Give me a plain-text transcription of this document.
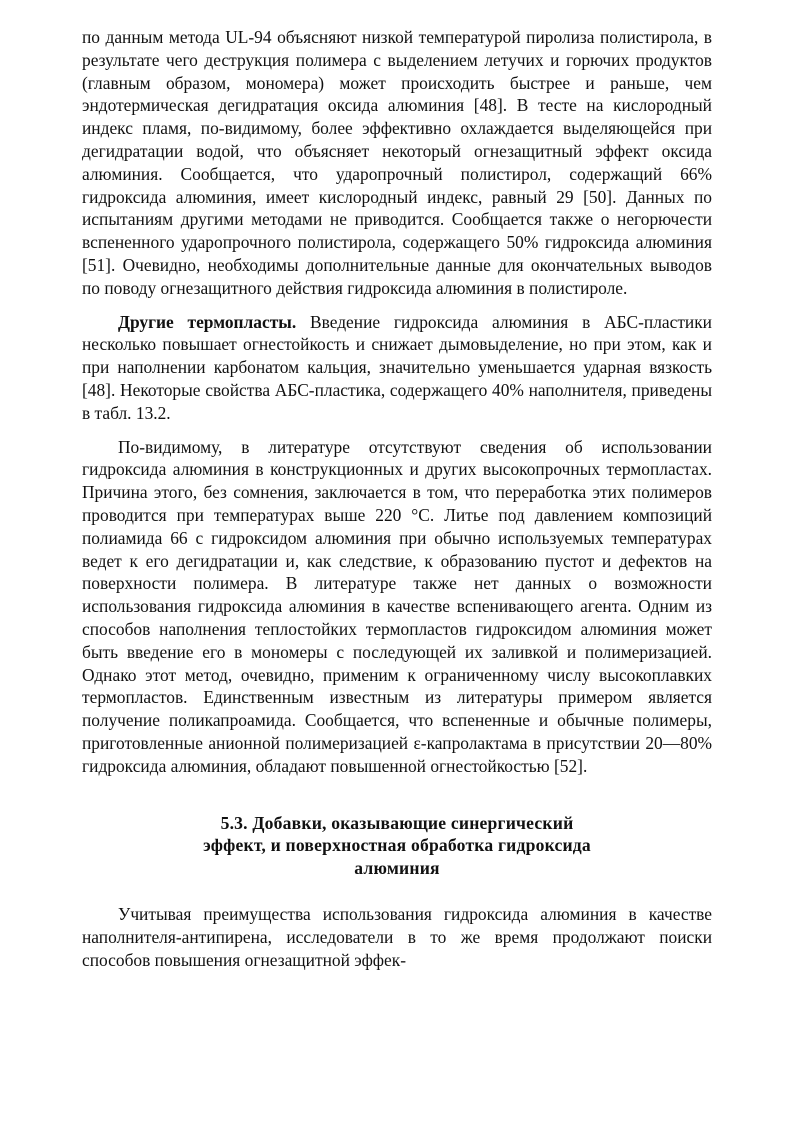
по данным метода UL-94 объясняют низкой температурой пиролиза полистирола, в результате чего деструкция полимера с выделением летучих и горючих продуктов (главным образом, мономера) может происходить быстрее и раньше, чем эндотермическая дегидратация оксида алюминия [48]. В тесте на кислородный индекс пламя, по-видимому, более эффективно охлаждается выделяющейся при дегидратации водой, что объясняет некоторый огнезащитный эффект оксида алюминия. Сообщается, что ударопрочный полистирол, содержащий 66% гидроксида алюминия, имеет кислородный индекс, равный 29 [50]. Данных по испытаниям другими методами не приводится. Сообщается также о негорючести вспененного ударопрочного полистирола, содержащего 50% гидроксида алюминия [51]. Очевидно, необходимы дополнительные данные для окончательных выводов по поводу огнезащитного действия гидроксида алюминия в полистироле.

Другие термопласты. Введение гидроксида алюминия в АБС-пластики несколько повышает огнестойкость и снижает дымовыделение, но при этом, как и при наполнении карбонатом кальция, значительно уменьшается ударная вязкость [48]. Некоторые свойства АБС-пластика, содержащего 40% наполнителя, приведены в табл. 13.2.

По-видимому, в литературе отсутствуют сведения об использовании гидроксида алюминия в конструкционных и других высокопрочных термопластах. Причина этого, без сомнения, заключается в том, что переработка этих полимеров проводится при температурах выше 220 °С. Литье под давлением композиций полиамида 66 с гидроксидом алюминия при обычно используемых температурах ведет к его дегидратации и, как следствие, к образованию пустот и дефектов на поверхности полимера. В литературе также нет данных о возможности использования гидроксида алюминия в качестве вспенивающего агента. Одним из способов наполнения теплостойких термопластов гидроксидом алюминия может быть введение его в мономеры с последующей их заливкой и полимеризацией. Однако этот метод, очевидно, применим к ограниченному числу высокоплавких термопластов. Единственным известным из литературы примером является получение поликапроамида. Сообщается, что вспененные и обычные полимеры, приготовленные анионной полимеризацией ε-капролактама в присутствии 20—80% гидроксида алюминия, обладают повышенной огнестойкостью [52].

5.3. Добавки, оказывающие синергический
эффект, и поверхностная обработка гидроксида
алюминия

Учитывая преимущества использования гидроксида алюминия в качестве наполнителя-антипирена, исследователи в то же время продолжают поиски способов повышения огнезащитной эффек-
